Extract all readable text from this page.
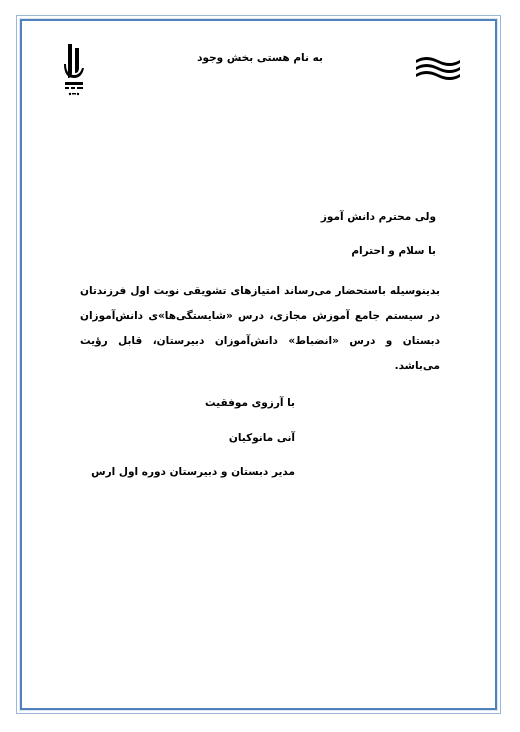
به نام هستی بخش وجود
ولی محترم دانش آموز
با سلام و احترام
بدینوسیله باستحضار می‌رساند امتیازهای تشویقی نوبت اول فرزندتان در سیستم جامع آموزش مجازی، درس «شایستگی‌ها»ی دانش‌آموزان دبستان و درس «انضباط» دانش‌آموزان دبیرستان، قابل رؤیت می‌باشد.
با آرزوی موفقیت
آنی مانوکیان
مدیر دبستان و دبیرستان دوره اول ارس
